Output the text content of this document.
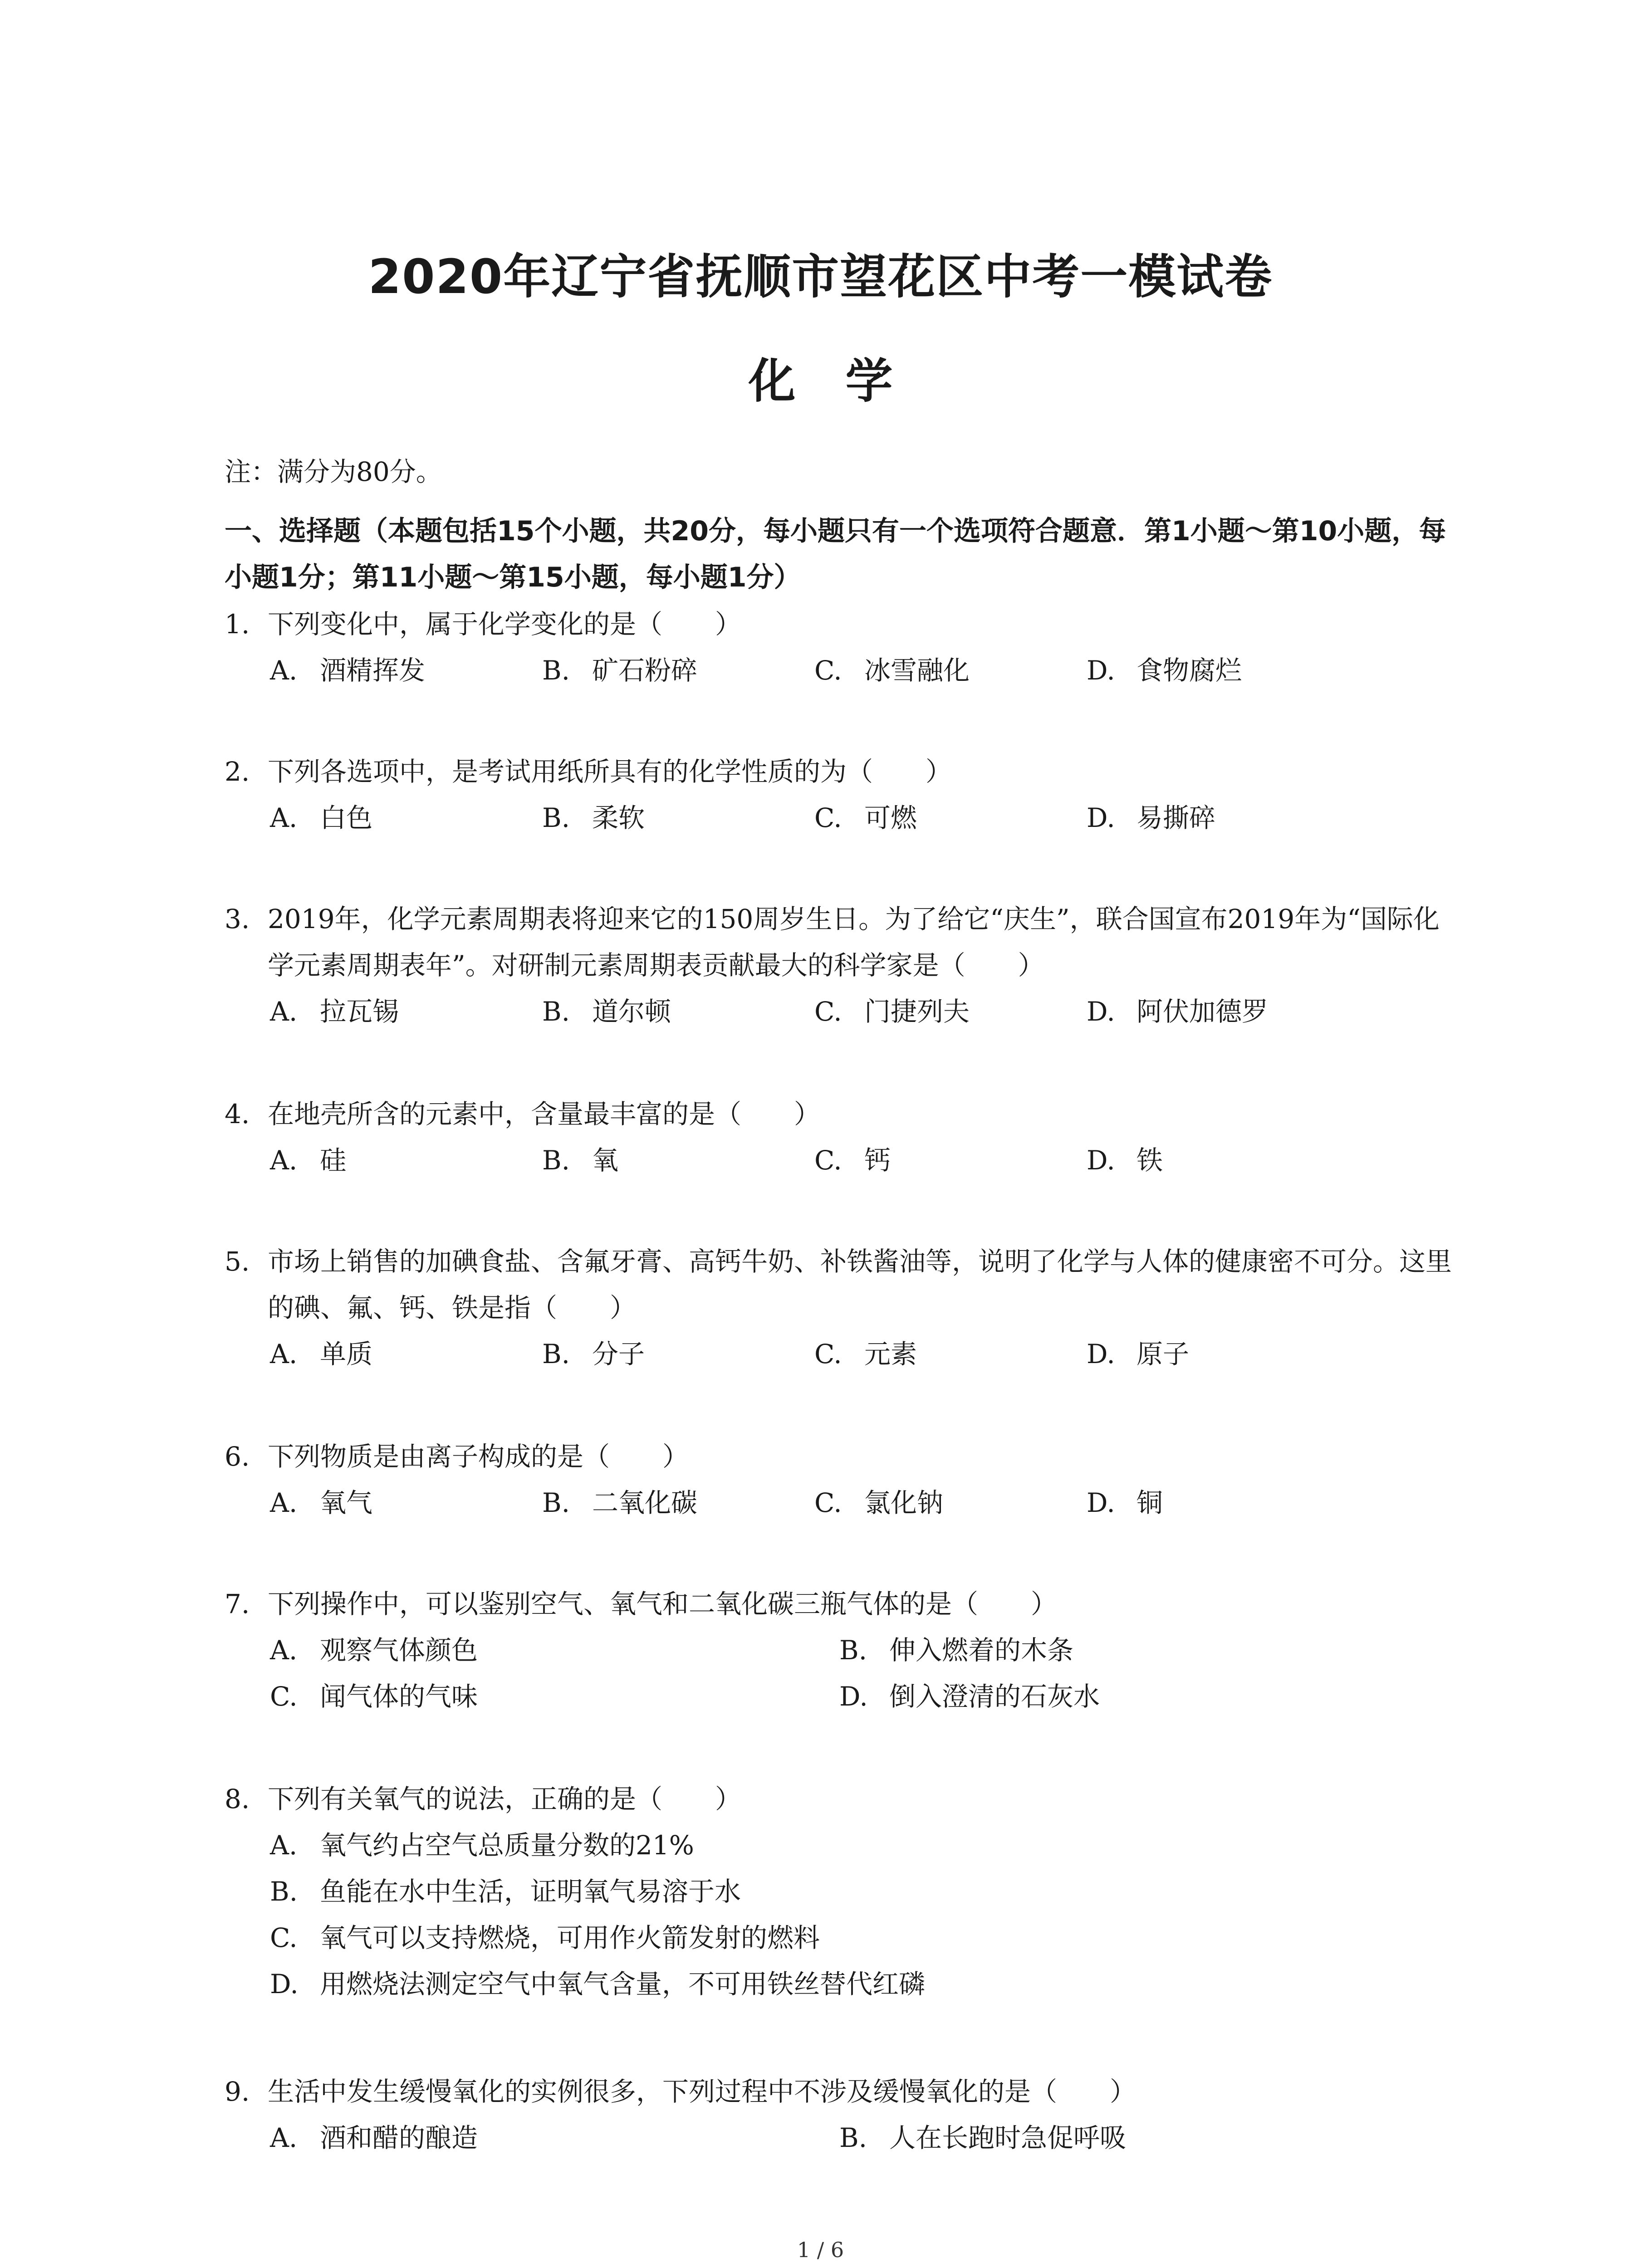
2020年辽宁省抚顺市望花区中考一模试卷
化学
注：满分为80分。
一、选择题（本题包括15个小题，共20分，每小题只有一个选项符合题意．第1小题～第10小题，每小题1分；第11小题～第15小题，每小题1分）
1. 下列变化中，属于化学变化的是（　　）
A. 酒精挥发	B. 矿石粉碎	C. 冰雪融化	D. 食物腐烂
2. 下列各选项中，是考试用纸所具有的化学性质的为（　　）
A. 白色	B. 柔软	C. 可燃	D. 易撕碎
3. 2019年，化学元素周期表将迎来它的150周岁生日。为了给它“庆生”，联合国宣布2019年为“国际化学元素周期表年”。对研制元素周期表贡献最大的科学家是（　　）
A. 拉瓦锡	B. 道尔顿	C. 门捷列夫	D. 阿伏加德罗
4. 在地壳所含的元素中，含量最丰富的是（　　）
A. 硅	B. 氧	C. 钙	D. 铁
5. 市场上销售的加碘食盐、含氟牙膏、高钙牛奶、补铁酱油等，说明了化学与人体的健康密不可分。这里的碘、氟、钙、铁是指（　　）
A. 单质	B. 分子	C. 元素	D. 原子
6. 下列物质是由离子构成的是（　　）
A. 氧气	B. 二氧化碳	C. 氯化钠	D. 铜
7. 下列操作中，可以鉴别空气、氧气和二氧化碳三瓶气体的是（　　）
A. 观察气体颜色	B. 伸入燃着的木条
C. 闻气体的气味	D. 倒入澄清的石灰水
8. 下列有关氧气的说法，正确的是（　　）
A. 氧气约占空气总质量分数的21%
B. 鱼能在水中生活，证明氧气易溶于水
C. 氧气可以支持燃烧，可用作火箭发射的燃料
D. 用燃烧法测定空气中氧气含量，不可用铁丝替代红磷
9. 生活中发生缓慢氧化的实例很多，下列过程中不涉及缓慢氧化的是（　　）
A. 酒和醋的酿造	B. 人在长跑时急促呼吸
1 / 6
